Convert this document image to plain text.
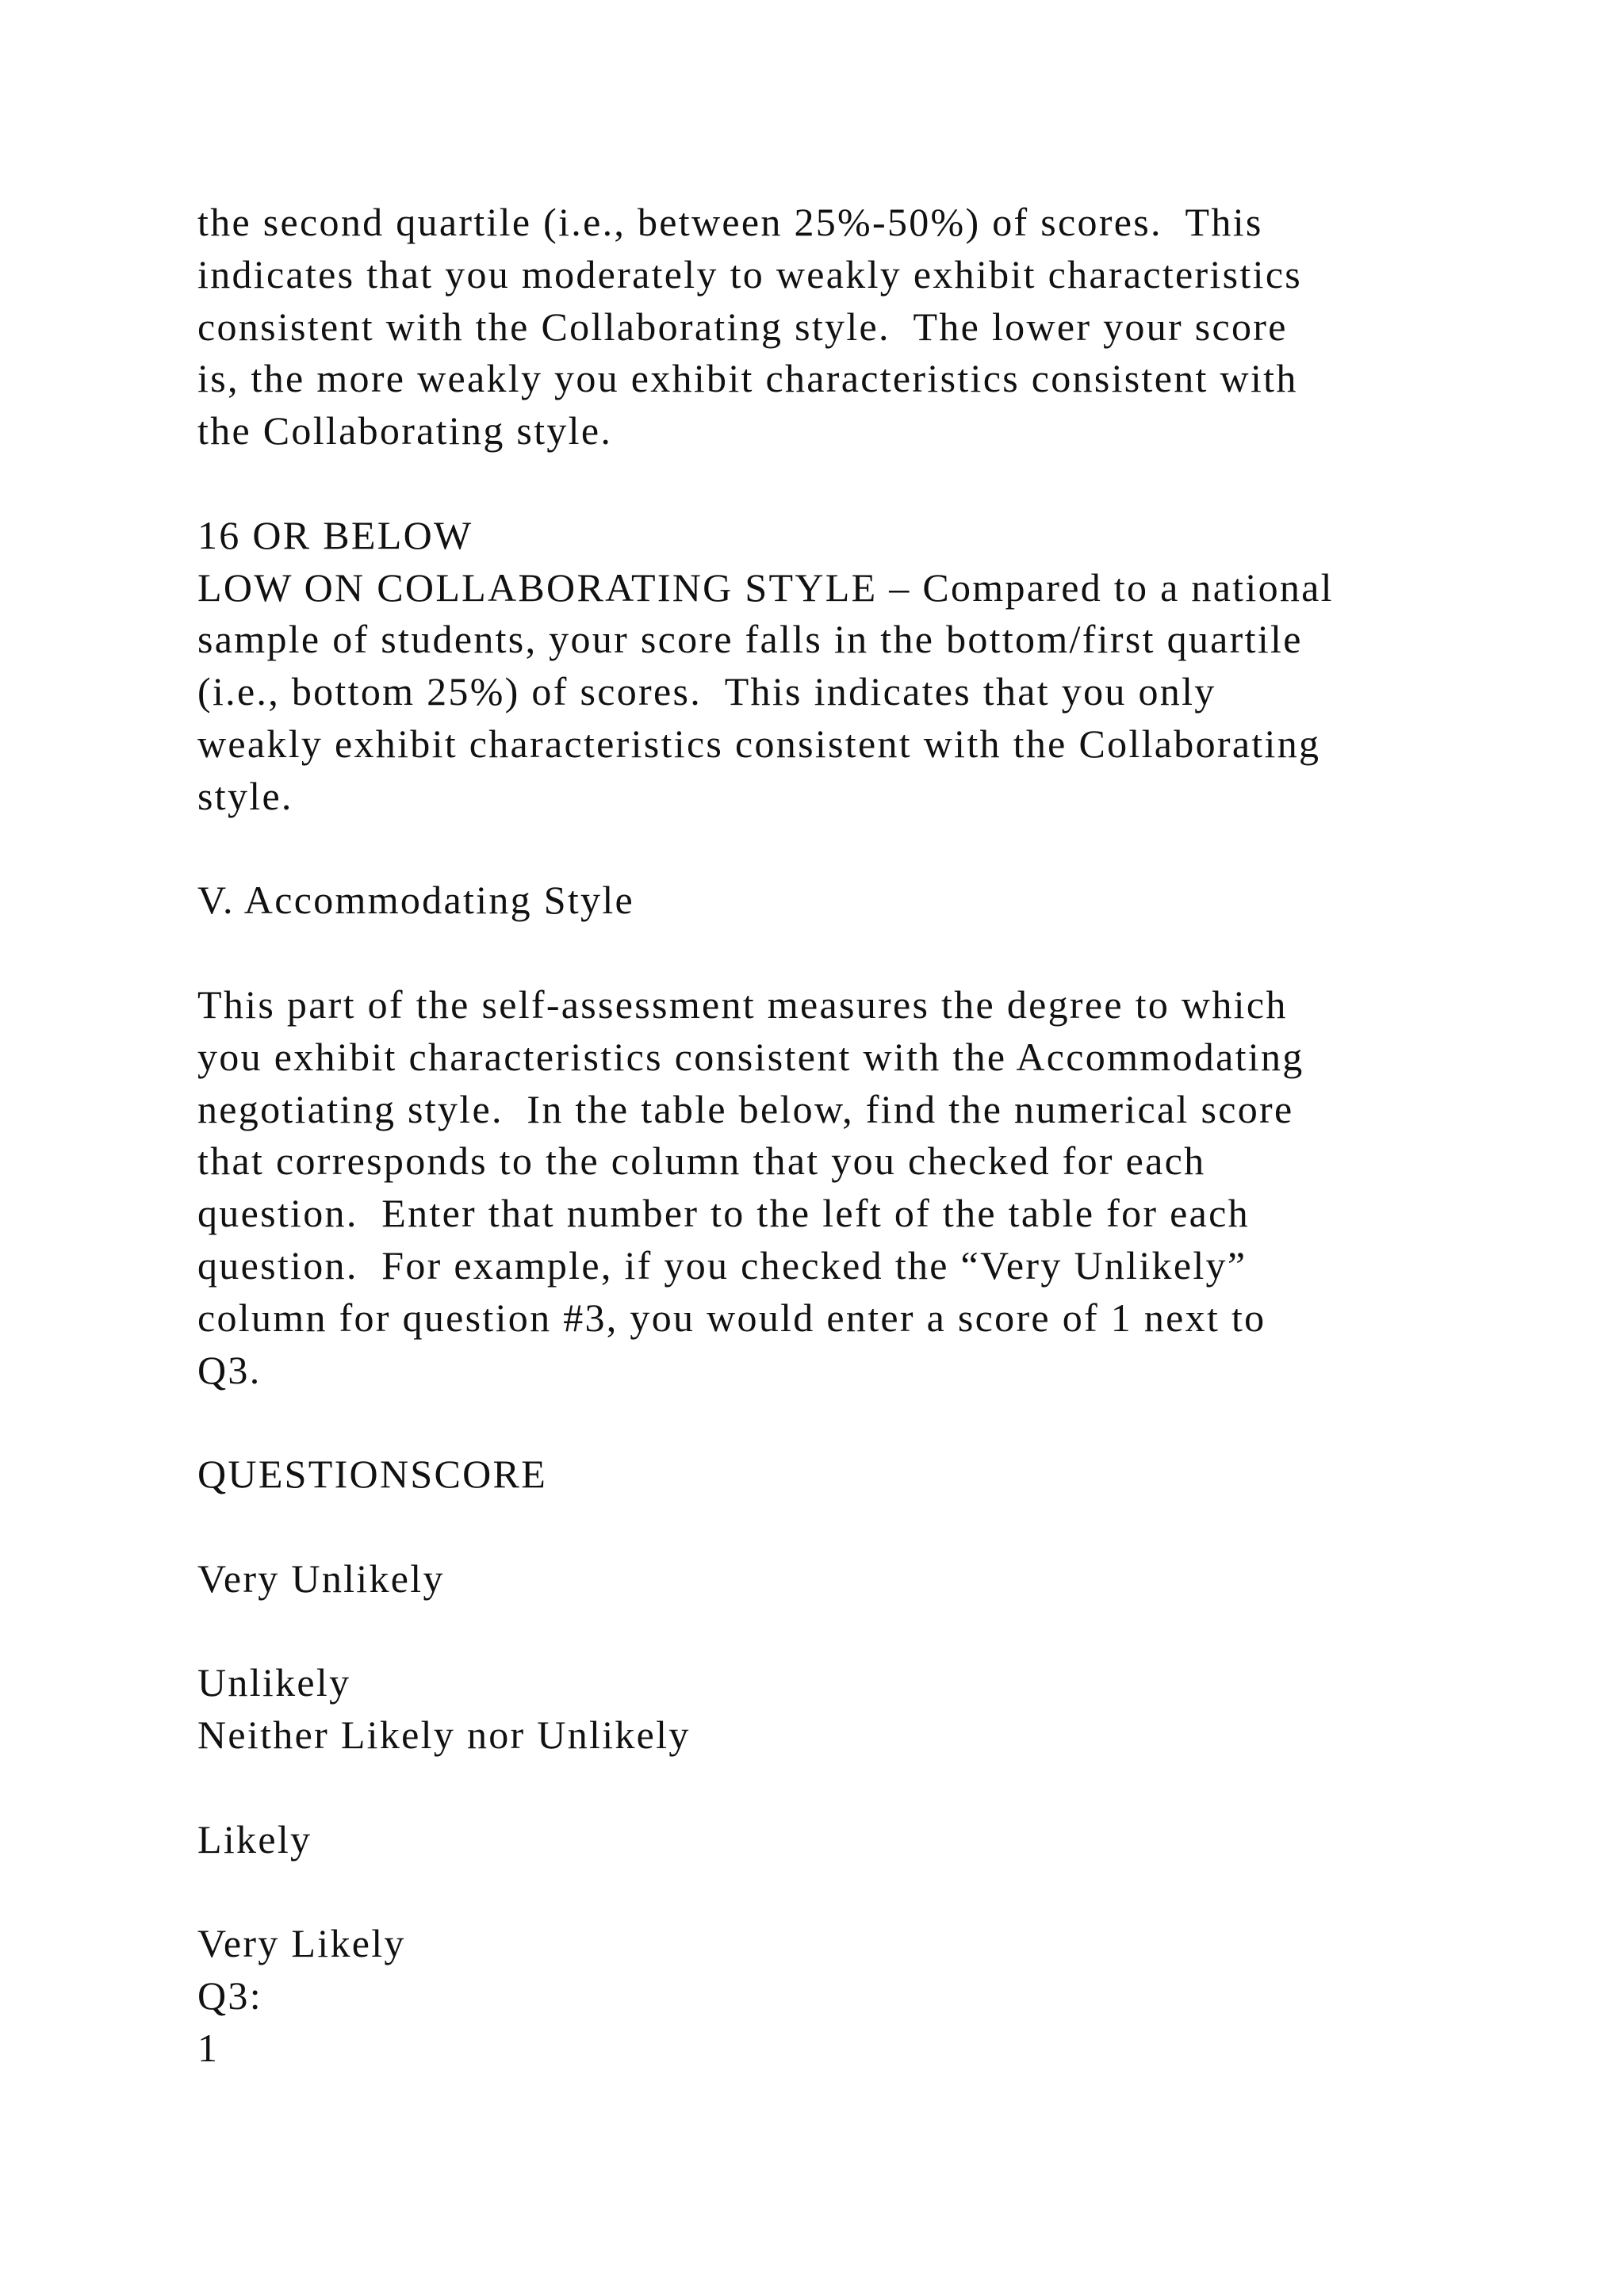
the second quartile (i.e., between 25%-50%) of scores.  This
indicates that you moderately to weakly exhibit characteristics
consistent with the Collaborating style.  The lower your score
is, the more weakly you exhibit characteristics consistent with
the Collaborating style.
16 OR BELOW
LOW ON COLLABORATING STYLE – Compared to a national
sample of students, your score falls in the bottom/first quartile
(i.e., bottom 25%) of scores.  This indicates that you only
weakly exhibit characteristics consistent with the Collaborating
style.
V. Accommodating Style
This part of the self-assessment measures the degree to which
you exhibit characteristics consistent with the Accommodating
negotiating style.  In the table below, find the numerical score
that corresponds to the column that you checked for each
question.  Enter that number to the left of the table for each
question.  For example, if you checked the “Very Unlikely”
column for question #3, you would enter a score of 1 next to
Q3.
QUESTIONSCORE
Very Unlikely
Unlikely
Neither Likely nor Unlikely
Likely
Very Likely
Q3:
1
